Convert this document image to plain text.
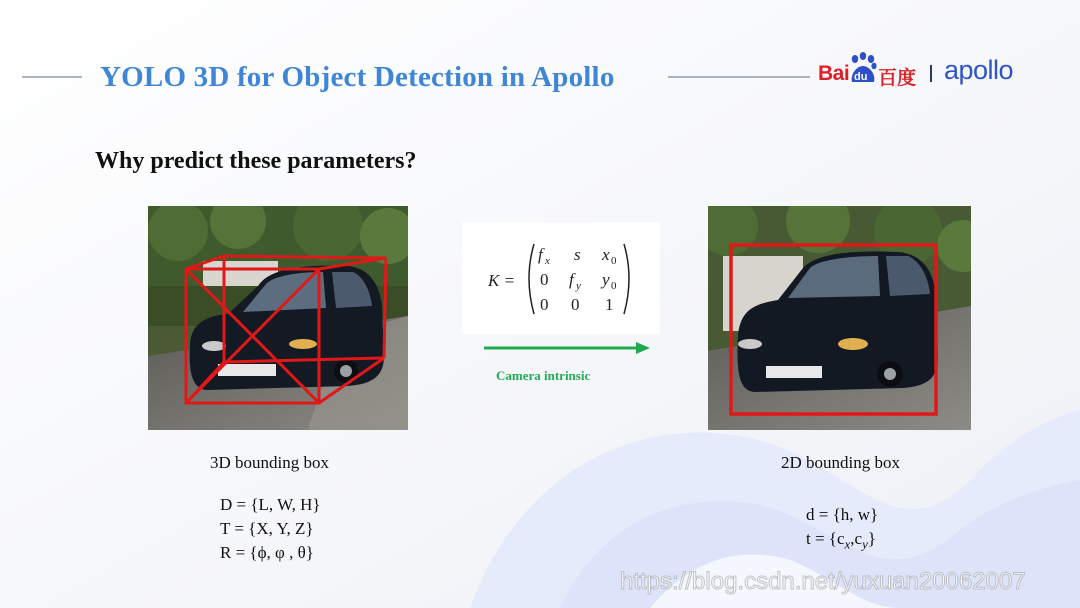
YOLO 3D for Object Detection in Apollo	Bai du 百度 apollo
Why predict these parameters?
K =
f x s x 0
0 f y y 0
0 0 1
Camera intrinsic
3D bounding box
D = {L, W, H}
T = {X, Y, Z}
R = {ϕ, φ , θ}
2D bounding box
d = {h, w}
$t = \{c_x,c_y\}$
https://blog.csdn.net/yuxuan20062007
